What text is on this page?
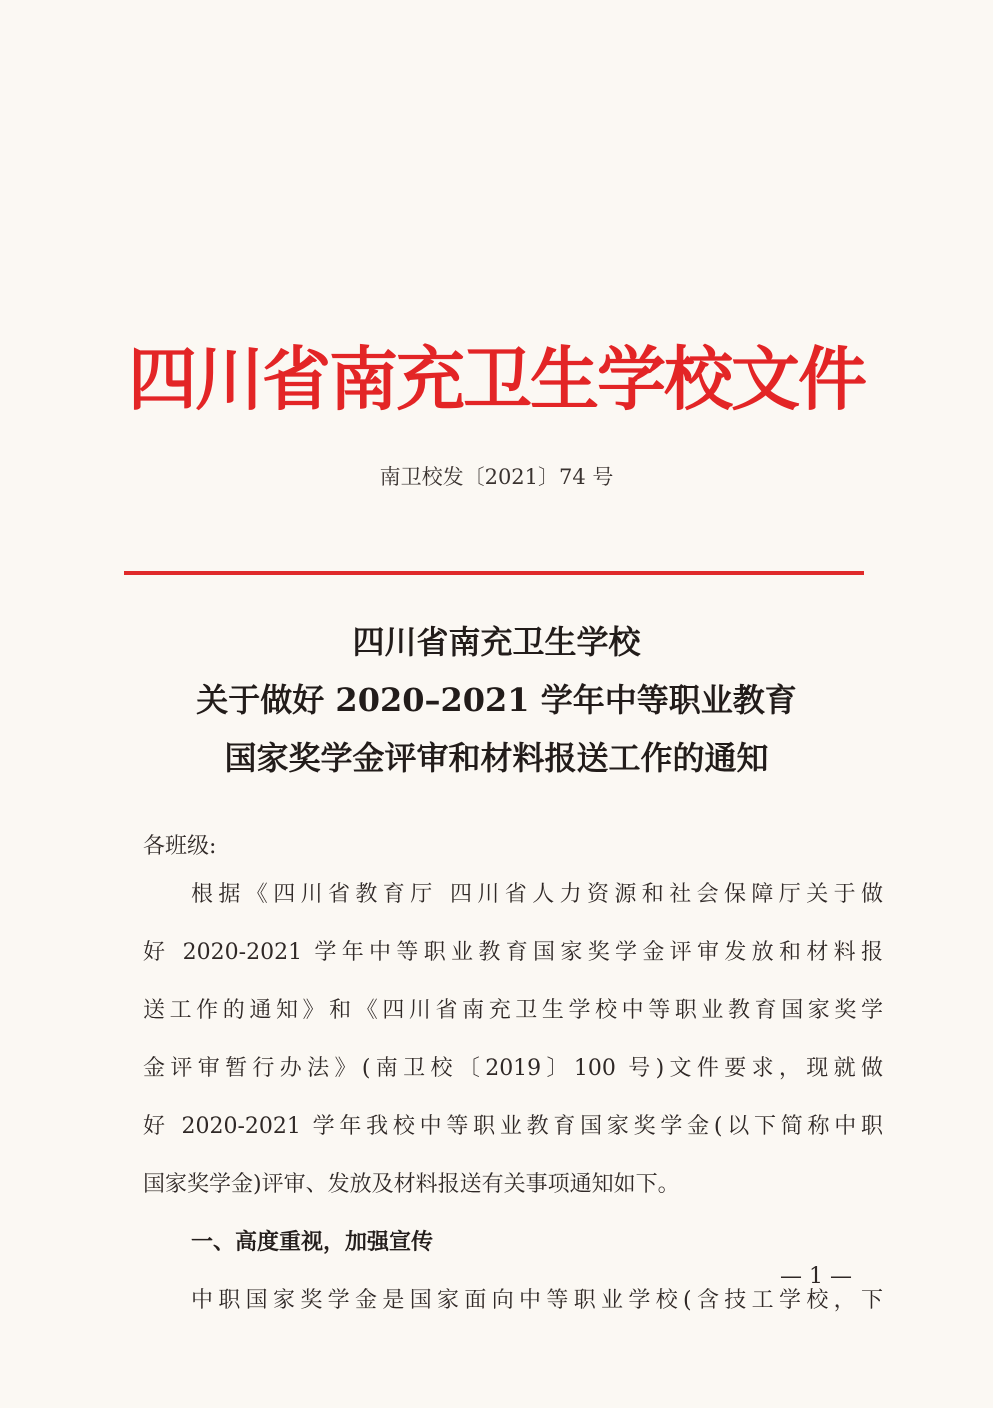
四川省南充卫生学校文件
南卫校发〔2021〕74 号
四川省南充卫生学校
关于做好 2020–2021 学年中等职业教育
国家奖学金评审和材料报送工作的通知
各班级:
根据《四川省教育厅 四川省人力资源和社会保障厅关于做
好 2020-2021 学年中等职业教育国家奖学金评审发放和材料报
送工作的通知》和《四川省南充卫生学校中等职业教育国家奖学
金评审暂行办法》(南卫校〔2019〕100 号)文件要求，现就做
好 2020-2021 学年我校中等职业教育国家奖学金(以下简称中职
国家奖学金)评审、发放及材料报送有关事项通知如下。
一、高度重视，加强宣传
中职国家奖学金是国家面向中等职业学校(含技工学校，下
— 1 —
